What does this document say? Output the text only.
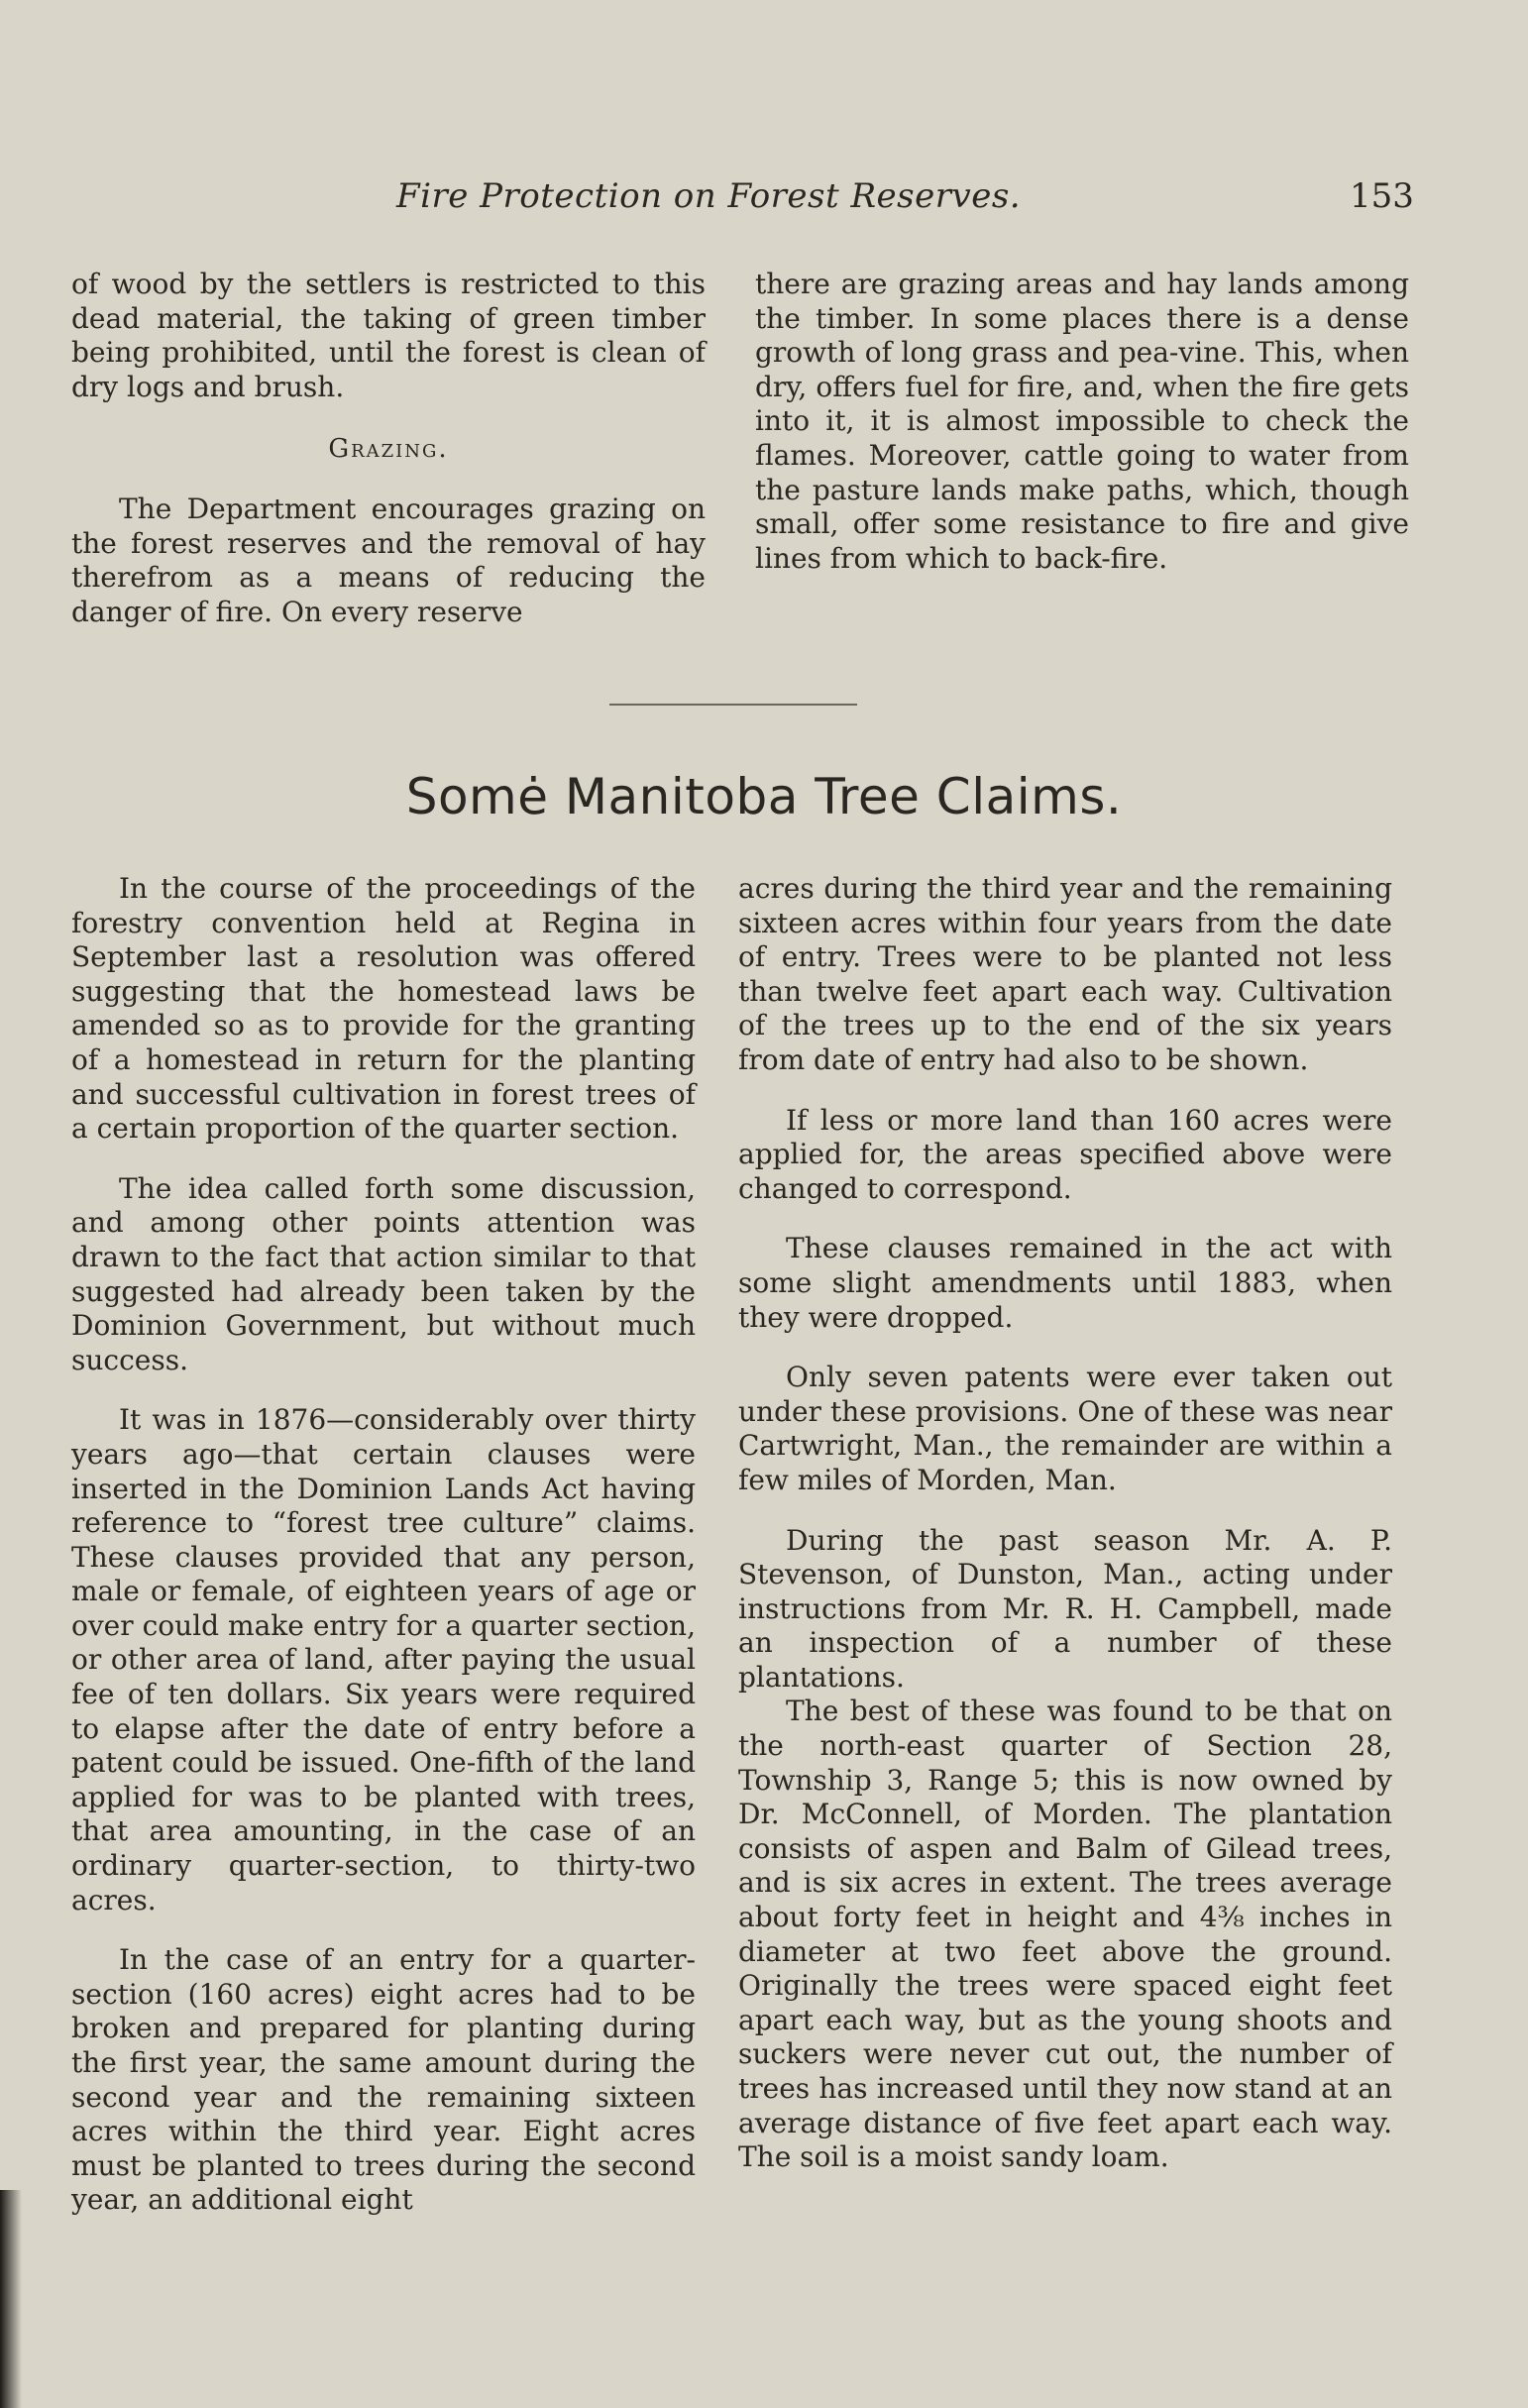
Fire Protection on Forest Reserves.	153

of wood by the settlers is restricted to this dead material, the taking of green timber being prohibited, until the forest is clean of dry logs and brush.

Grazing.

The Department encourages grazing on the forest reserves and the removal of hay therefrom as a means of reducing the danger of fire. On every reserve

there are grazing areas and hay lands among the timber. In some places there is a dense growth of long grass and pea-vine. This, when dry, offers fuel for fire, and, when the fire gets into it, it is almost impossible to check the flames. Moreover, cattle going to water from the pasture lands make paths, which, though small, offer some resistance to fire and give lines from which to back-fire.

Somė Manitoba Tree Claims.

In the course of the proceedings of the forestry convention held at Regina in September last a resolution was offered suggesting that the homestead laws be amended so as to provide for the granting of a homestead in return for the planting and successful cultivation in forest trees of a certain proportion of the quarter section.

The idea called forth some discussion, and among other points attention was drawn to the fact that action similar to that suggested had already been taken by the Dominion Government, but without much success.

It was in 1876—considerably over thirty years ago—that certain clauses were inserted in the Dominion Lands Act having reference to “forest tree culture” claims. These clauses provided that any person, male or female, of eighteen years of age or over could make entry for a quarter section, or other area of land, after paying the usual fee of ten dollars. Six years were required to elapse after the date of entry before a patent could be issued. One-fifth of the land applied for was to be planted with trees, that area amounting, in the case of an ordinary quarter-section, to thirty-two acres.

In the case of an entry for a quarter-section (160 acres) eight acres had to be broken and prepared for planting during the first year, the same amount during the second year and the remaining sixteen acres within the third year. Eight acres must be planted to trees during the second year, an additional eight

acres during the third year and the remaining sixteen acres within four years from the date of entry. Trees were to be planted not less than twelve feet apart each way. Cultivation of the trees up to the end of the six years from date of entry had also to be shown.

If less or more land than 160 acres were applied for, the areas specified above were changed to correspond.

These clauses remained in the act with some slight amendments until 1883, when they were dropped.

Only seven patents were ever taken out under these provisions. One of these was near Cartwright, Man., the remainder are within a few miles of Morden, Man.

During the past season Mr. A. P. Stevenson, of Dunston, Man., acting under instructions from Mr. R. H. Campbell, made an inspection of a number of these plantations.

The best of these was found to be that on the north-east quarter of Section 28, Township 3, Range 5; this is now owned by Dr. McConnell, of Morden. The plantation consists of aspen and Balm of Gilead trees, and is six acres in extent. The trees average about forty feet in height and 4⅜ inches in diameter at two feet above the ground. Originally the trees were spaced eight feet apart each way, but as the young shoots and suckers were never cut out, the number of trees has increased until they now stand at an average distance of five feet apart each way. The soil is a moist sandy loam.
